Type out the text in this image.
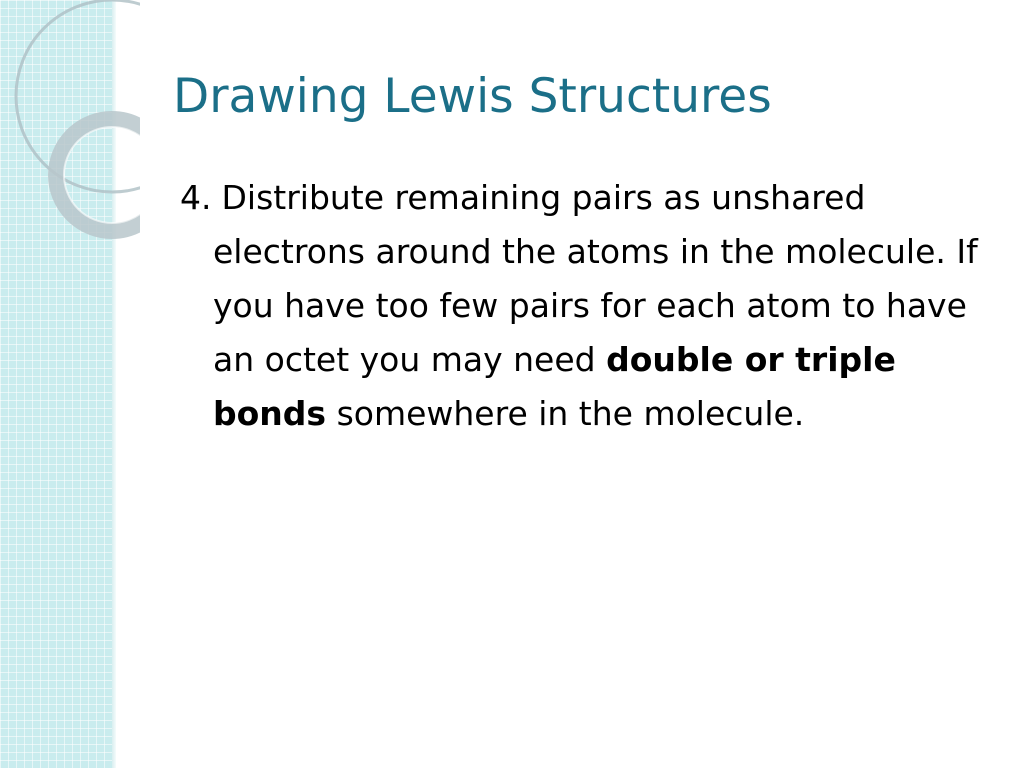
Drawing Lewis Structures

4. Distribute remaining pairs as unshared electrons around the atoms in the molecule. If you have too few pairs for each atom to have an octet you may need double or triple bonds somewhere in the molecule.
